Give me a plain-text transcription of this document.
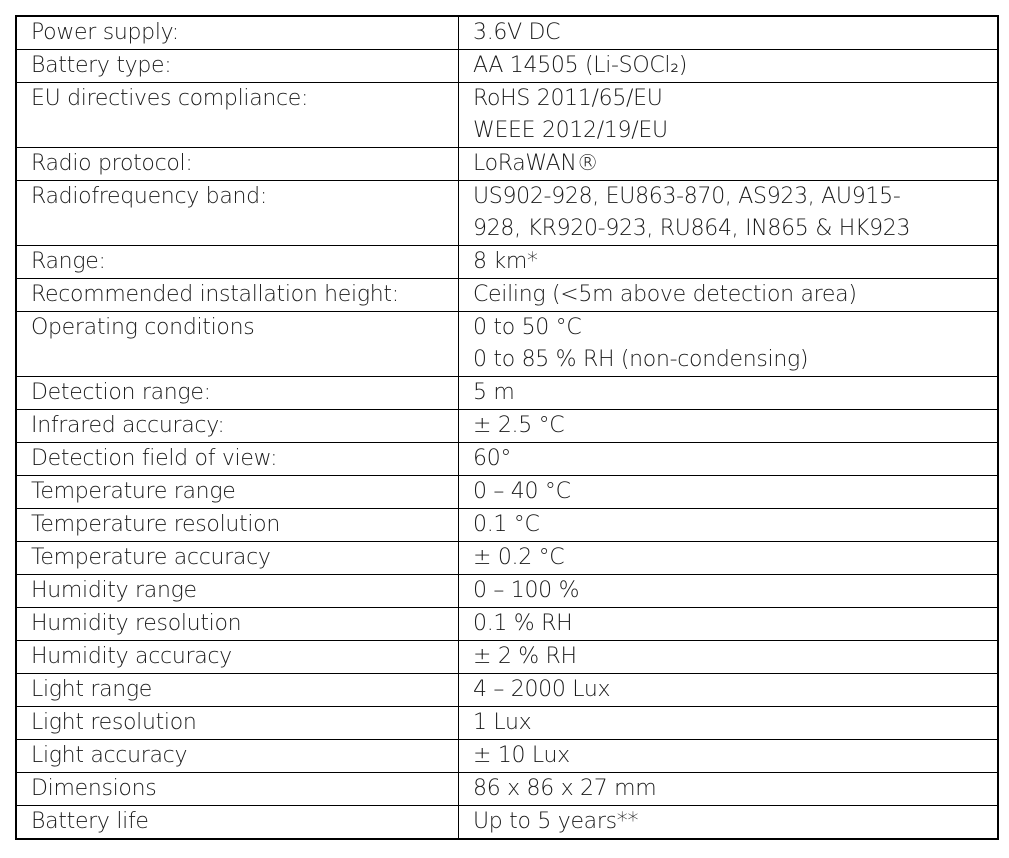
Power supply:	3.6V DC

Battery type:	AA 14505 (Li-SOCl₂)

EU directives compliance:	RoHS 2011/65/EU
WEEE 2012/19/EU

Radio protocol:	LoRaWAN®

Radiofrequency band:	US902-928, EU863-870, AS923, AU915-
928, KR920-923, RU864, IN865 & HK923

Range:	8 km*

Recommended installation height:	Ceiling (<5m above detection area)

Operating conditions	0 to 50 °C
0 to 85 % RH (non-condensing)

Detection range:	5 m

Infrared accuracy:	± 2.5 °C

Detection field of view:	60°

Temperature range	0 – 40 °C

Temperature resolution	0.1 °C

Temperature accuracy	± 0.2 °C

Humidity range	0 – 100 %

Humidity resolution	0.1 % RH

Humidity accuracy	± 2 % RH

Light range	4 – 2000 Lux

Light resolution	1 Lux

Light accuracy	± 10 Lux

Dimensions	86 x 86 x 27 mm

Battery life	Up to 5 years**
